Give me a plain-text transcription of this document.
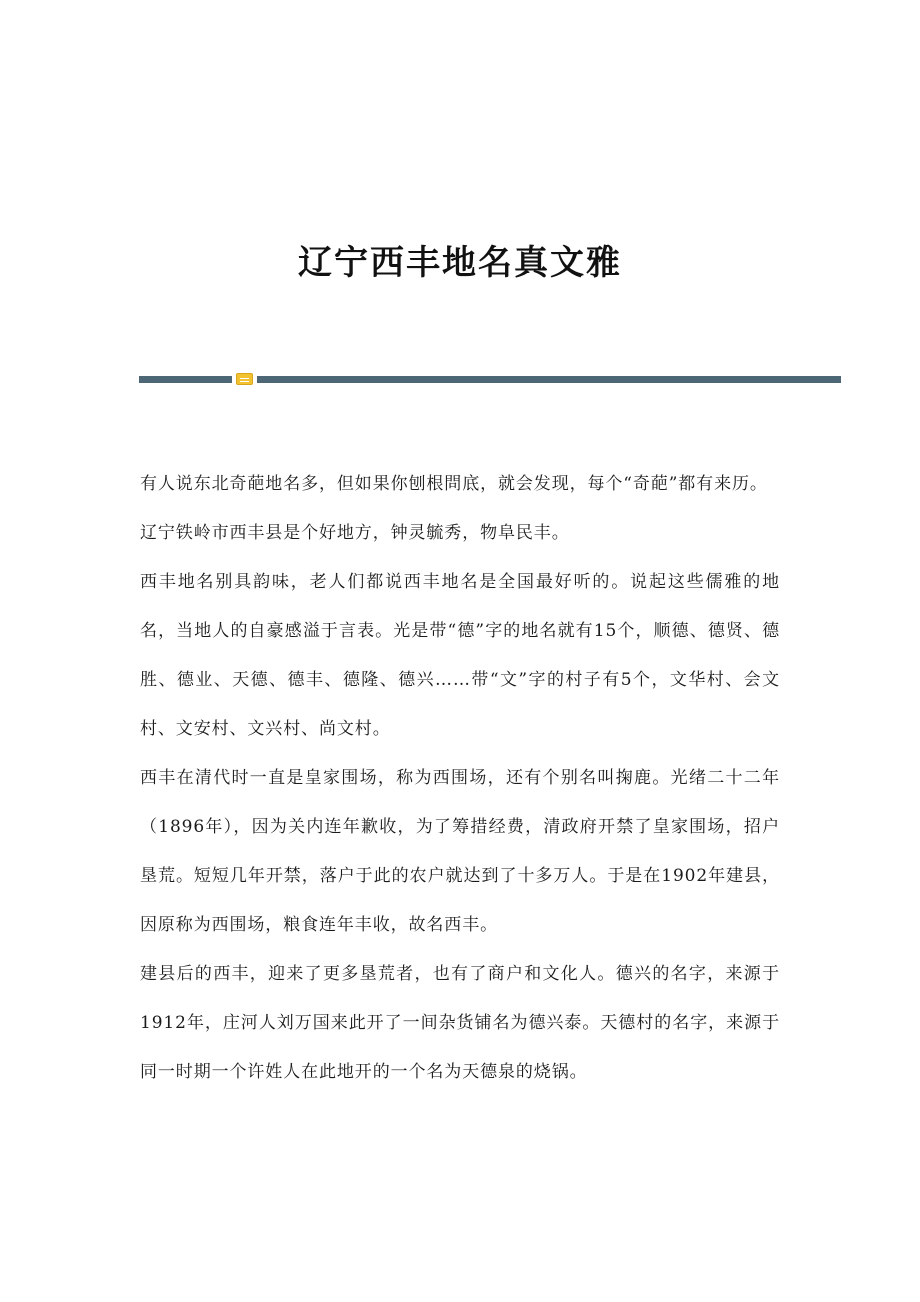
辽宁西丰地名真文雅

有人说东北奇葩地名多，但如果你刨根問底，就会发现，每个“奇葩”都有来历。

辽宁铁岭市西丰县是个好地方，钟灵毓秀，物阜民丰。

西丰地名别具韵味，老人们都说西丰地名是全国最好听的。说起这些儒雅的地名，当地人的自豪感溢于言表。光是带“德”字的地名就有15个，顺德、德贤、德胜、德业、天德、德丰、德隆、德兴……带“文”字的村子有5个，文华村、会文村、文安村、文兴村、尚文村。

西丰在清代时一直是皇家围场，称为西围场，还有个别名叫掬鹿。光绪二十二年（1896年），因为关内连年歉收，为了筹措经费，清政府开禁了皇家围场，招户垦荒。短短几年开禁，落户于此的农户就达到了十多万人。于是在1902年建县，因原称为西围场，粮食连年丰收，故名西丰。

建县后的西丰，迎来了更多垦荒者，也有了商户和文化人。德兴的名字，来源于1912年，庄河人刘万国来此开了一间杂货铺名为德兴泰。天德村的名字，来源于同一时期一个许姓人在此地开的一个名为天德泉的烧锅。
